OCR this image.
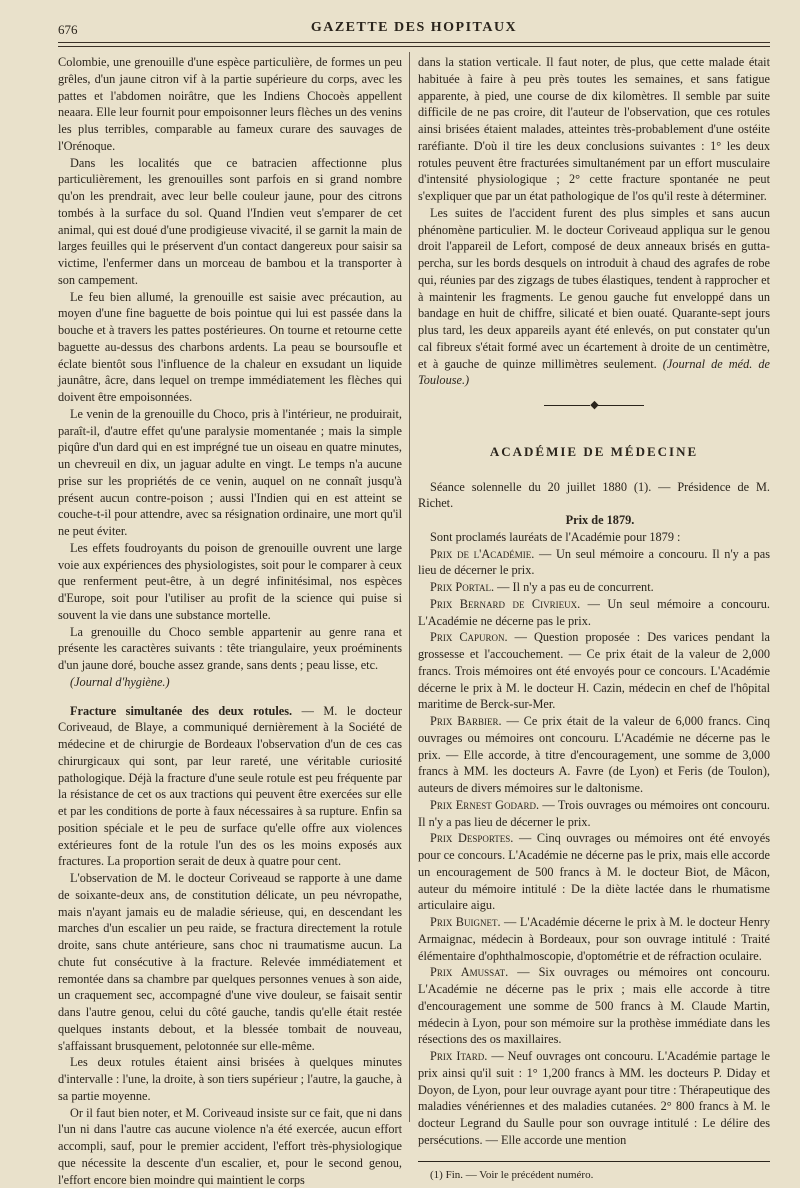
676	GAZETTE DES HOPITAUX

Colombie, une grenouille d'une espèce particulière, de formes un peu grêles, d'un jaune citron vif à la partie supérieure du corps, avec les pattes et l'abdomen noirâtre, que les Indiens Chocoès appellent neaara. Elle leur fournit pour empoisonner leurs flèches un des venins les plus terribles, comparable au fameux curare des sauvages de l'Orénoque.

Dans les localités que ce batracien affectionne plus particulièrement, les grenouilles sont parfois en si grand nombre qu'on les prendrait, avec leur belle couleur jaune, pour des citrons tombés à la surface du sol. Quand l'Indien veut s'emparer de cet animal, qui est doué d'une prodigieuse vivacité, il se garnit la main de larges feuilles qui le préservent d'un contact dangereux pour saisir sa victime, l'enfermer dans un morceau de bambou et la transporter à son campement.

Le feu bien allumé, la grenouille est saisie avec précaution, au moyen d'une fine baguette de bois pointue qui lui est passée dans la bouche et à travers les pattes postérieures. On tourne et retourne cette baguette au-dessus des charbons ardents. La peau se boursoufle et éclate bientôt sous l'influence de la chaleur en exsudant un liquide jaunâtre, âcre, dans lequel on trempe immédiatement les flèches qui doivent être empoisonnées.

Le venin de la grenouille du Choco, pris à l'intérieur, ne produirait, paraît-il, d'autre effet qu'une paralysie momentanée ; mais la simple piqûre d'un dard qui en est imprégné tue un oiseau en quatre minutes, un chevreuil en dix, un jaguar adulte en vingt. Le temps n'a aucune prise sur les propriétés de ce venin, auquel on ne connaît jusqu'à présent aucun contre-poison ; aussi l'Indien qui en est atteint se couche-t-il pour attendre, avec sa résignation ordinaire, une mort qu'il ne peut éviter.

Les effets foudroyants du poison de grenouille ouvrent une large voie aux expériences des physiologistes, soit pour le comparer à ceux que renferment peut-être, à un degré infinitésimal, nos espèces d'Europe, soit pour l'utiliser au profit de la science qui puise si souvent la vie dans une substance mortelle.

La grenouille du Choco semble appartenir au genre rana et présente les caractères suivants : tête triangulaire, yeux proéminents d'un jaune doré, bouche assez grande, sans dents ; peau lisse, etc.

(Journal d'hygiène.)

Fracture simultanée des deux rotules. — M. le docteur Coriveaud, de Blaye, a communiqué dernièrement à la Société de médecine et de chirurgie de Bordeaux l'observation d'un de ces cas chirurgicaux qui sont, par leur rareté, une véritable curiosité pathologique. Déjà la fracture d'une seule rotule est peu fréquente par la résistance de cet os aux tractions qui peuvent être exercées sur elle et par les conditions de porte à faux nécessaires à sa rupture. Enfin sa position spéciale et le peu de surface qu'elle offre aux violences extérieures font de la rotule l'un des os les moins exposés aux fractures. La proportion serait de deux à quatre pour cent.

L'observation de M. le docteur Coriveaud se rapporte à une dame de soixante-deux ans, de constitution délicate, un peu névropathe, mais n'ayant jamais eu de maladie sérieuse, qui, en descendant les marches d'un escalier un peu raide, se fractura directement la rotule droite, sans chute antérieure, sans choc ni traumatisme aucun. La chute fut consécutive à la fracture. Relevée immédiatement et remontée dans sa chambre par quelques personnes venues à son aide, un craquement sec, accompagné d'une vive douleur, se faisait sentir dans l'autre genou, celui du côté gauche, tandis qu'elle était restée quelques instants debout, et la blessée tombait de nouveau, s'affaissant brusquement, pelotonnée sur elle-même.

Les deux rotules étaient ainsi brisées à quelques minutes d'intervalle : l'une, la droite, à son tiers supérieur ; l'autre, la gauche, à sa partie moyenne.

Or il faut bien noter, et M. Coriveaud insiste sur ce fait, que ni dans l'un ni dans l'autre cas aucune violence n'a été exercée, aucun effort accompli, sauf, pour le premier accident, l'effort très-physiologique que nécessite la descente d'un escalier, et, pour le second genou, l'effort encore bien moindre qui maintient le corps

dans la station verticale. Il faut noter, de plus, que cette malade était habituée à faire à peu près toutes les semaines, et sans fatigue apparente, à pied, une course de dix kilomètres. Il semble par suite difficile de ne pas croire, dit l'auteur de l'observation, que ces rotules ainsi brisées étaient malades, atteintes très-probablement d'une ostéite raréfiante. D'où il tire les deux conclusions suivantes : 1° les deux rotules peuvent être fracturées simultanément par un effort musculaire d'intensité physiologique ; 2° cette fracture spontanée ne peut s'expliquer que par un état pathologique de l'os qu'il reste à déterminer.

Les suites de l'accident furent des plus simples et sans aucun phénomène particulier. M. le docteur Coriveaud appliqua sur le genou droit l'appareil de Lefort, composé de deux anneaux brisés en gutta-percha, sur les bords desquels on introduit à chaud des agrafes de robe qui, réunies par des zigzags de tubes élastiques, tendent à rapprocher et à maintenir les fragments. Le genou gauche fut enveloppé dans un bandage en huit de chiffre, silicaté et bien ouaté. Quarante-sept jours plus tard, les deux appareils ayant été enlevés, on put constater qu'un cal fibreux s'était formé avec un écartement à droite de un centimètre, et à gauche de quinze millimètres seulement. (Journal de méd. de Toulouse.)

◆
ACADÉMIE DE MÉDECINE

Séance solennelle du 20 juillet 1880 (1). — Présidence de M. Richet.

Prix de 1879.

Sont proclamés lauréats de l'Académie pour 1879 :

Prix de l'Académie. — Un seul mémoire a concouru. Il n'y a pas lieu de décerner le prix.

Prix Portal. — Il n'y a pas eu de concurrent.

Prix Bernard de Civrieux. — Un seul mémoire a concouru. L'Académie ne décerne pas le prix.

Prix Capuron. — Question proposée : Des varices pendant la grossesse et l'accouchement. — Ce prix était de la valeur de 2,000 francs. Trois mémoires ont été envoyés pour ce concours. L'Académie décerne le prix à M. le docteur H. Cazin, médecin en chef de l'hôpital maritime de Berck-sur-Mer.

Prix Barbier. — Ce prix était de la valeur de 6,000 francs. Cinq ouvrages ou mémoires ont concouru. L'Académie ne décerne pas le prix. — Elle accorde, à titre d'encouragement, une somme de 3,000 francs à MM. les docteurs A. Favre (de Lyon) et Feris (de Toulon), auteurs de divers mémoires sur le daltonisme.

Prix Ernest Godard. — Trois ouvrages ou mémoires ont concouru. Il n'y a pas lieu de décerner le prix.

Prix Desportes. — Cinq ouvrages ou mémoires ont été envoyés pour ce concours. L'Académie ne décerne pas le prix, mais elle accorde un encouragement de 500 francs à M. le docteur Biot, de Mâcon, auteur du mémoire intitulé : De la diète lactée dans le rhumatisme articulaire aigu.

Prix Buignet. — L'Académie décerne le prix à M. le docteur Henry Armaignac, médecin à Bordeaux, pour son ouvrage intitulé : Traité élémentaire d'ophthalmoscopie, d'optométrie et de réfraction oculaire.

Prix Amussat. — Six ouvrages ou mémoires ont concouru. L'Académie ne décerne pas le prix ; mais elle accorde à titre d'encouragement une somme de 500 francs à M. Claude Martin, médecin à Lyon, pour son mémoire sur la prothèse immédiate dans les résections des os maxillaires.

Prix Itard. — Neuf ouvrages ont concouru. L'Académie partage le prix ainsi qu'il suit : 1° 1,200 francs à MM. les docteurs P. Diday et Doyon, de Lyon, pour leur ouvrage ayant pour titre : Thérapeutique des maladies vénériennes et des maladies cutanées. 2° 800 francs à M. le docteur Legrand du Saulle pour son ouvrage intitulé : Le délire des persécutions. — Elle accorde une mention

(1) Fin. — Voir le précédent numéro.
